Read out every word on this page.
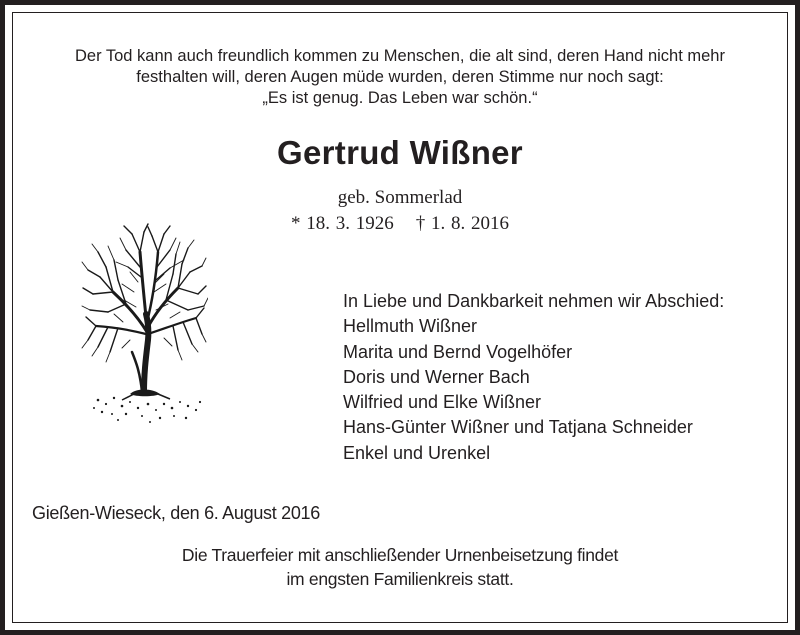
Der Tod kann auch freundlich kommen zu Menschen, die alt sind, deren Hand nicht mehr
festhalten will, deren Augen müde wurden, deren Stimme nur noch sagt:
„Es ist genug. Das Leben war schön.“
Gertrud Wißner
geb. Sommerlad
* 18. 3. 1926 † 1. 8. 2016
In Liebe und Dankbarkeit nehmen wir Abschied:
Hellmuth Wißner
Marita und Bernd Vogelhöfer
Doris und Werner Bach
Wilfried und Elke Wißner
Hans-Günter Wißner und Tatjana Schneider
Enkel und Urenkel
Gießen-Wieseck, den 6. August 2016
Die Trauerfeier mit anschließender Urnenbeisetzung findet
im engsten Familienkreis statt.
